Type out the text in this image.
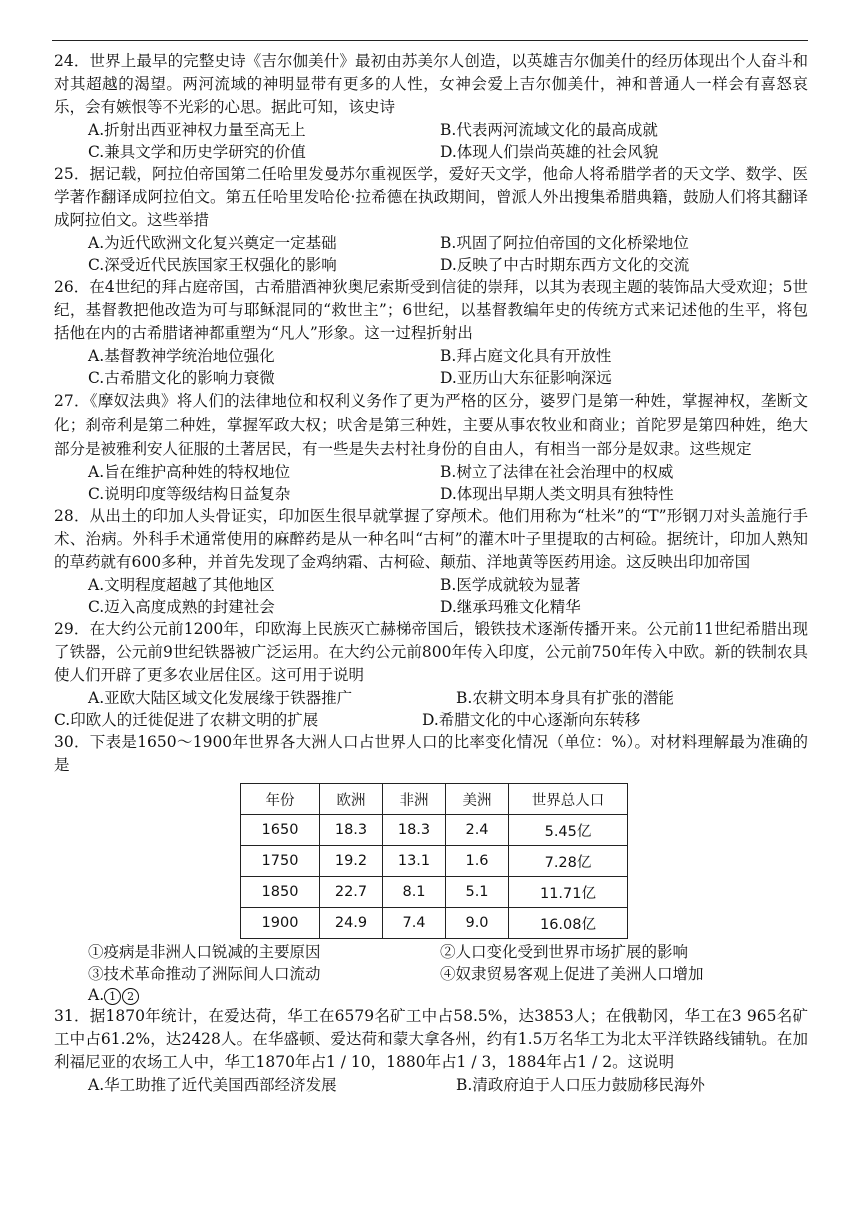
24．世界上最早的完整史诗《吉尔伽美什》最初由苏美尔人创造，以英雄吉尔伽美什的经历体现出个人奋斗和对其超越的渴望。两河流域的神明显带有更多的人性，女神会爱上吉尔伽美什，神和普通人一样会有喜怒哀乐，会有嫉恨等不光彩的心思。据此可知，该史诗

A.折射出西亚神权力量至高无上	B.代表两河流域文化的最高成就
C.兼具文学和历史学研究的价值	D.体现人们崇尚英雄的社会风貌

25．据记载，阿拉伯帝国第二任哈里发曼苏尔重视医学，爱好天文学，他命人将希腊学者的天文学、数学、医学著作翻译成阿拉伯文。第五任哈里发哈伦·拉希德在执政期间，曾派人外出搜集希腊典籍，鼓励人们将其翻译成阿拉伯文。这些举措

A.为近代欧洲文化复兴奠定一定基础	B.巩固了阿拉伯帝国的文化桥梁地位
C.深受近代民族国家王权强化的影响	D.反映了中古时期东西方文化的交流

26．在4世纪的拜占庭帝国，古希腊酒神狄奥尼索斯受到信徒的崇拜，以其为表现主题的装饰品大受欢迎；5世纪，基督教把他改造为可与耶稣混同的“救世主”；6世纪，以基督教编年史的传统方式来记述他的生平，将包括他在内的古希腊诸神都重塑为“凡人”形象。这一过程折射出

A.基督教神学统治地位强化	B.拜占庭文化具有开放性
C.古希腊文化的影响力衰微	D.亚历山大东征影响深远

27．《摩奴法典》将人们的法律地位和权利义务作了更为严格的区分，婆罗门是第一种姓，掌握神权，垄断文化；刹帝利是第二种姓，掌握军政大权；吠舍是第三种姓，主要从事农牧业和商业；首陀罗是第四种姓，绝大部分是被雅利安人征服的土著居民，有一些是失去村社身份的自由人，有相当一部分是奴隶。这些规定

A.旨在维护高种姓的特权地位	B.树立了法律在社会治理中的权威
C.说明印度等级结构日益复杂	D.体现出早期人类文明具有独特性

28．从出土的印加人头骨证实，印加医生很早就掌握了穿颅术。他们用称为“杜米”的“T”形钢刀对头盖施行手术、治病。外科手术通常使用的麻醉药是从一种名叫“古柯”的灌木叶子里提取的古柯硷。据统计，印加人熟知的草药就有600多种，并首先发现了金鸡纳霜、古柯硷、颠茄、洋地黄等医药用途。这反映出印加帝国

A.文明程度超越了其他地区	B.医学成就较为显著
C.迈入高度成熟的封建社会	D.继承玛雅文化精华

29．在大约公元前1200年，印欧海上民族灭亡赫梯帝国后，锻铁技术逐渐传播开来。公元前11世纪希腊出现了铁器，公元前9世纪铁器被广泛运用。在大约公元前800年传入印度，公元前750年传入中欧。新的铁制农具使人们开辟了更多农业居住区。这可用于说明

A.亚欧大陆区域文化发展缘于铁器推广	B.农耕文明本身具有扩张的潜能
C.印欧人的迁徙促进了农耕文明的扩展	D.希腊文化的中心逐渐向东转移

30．下表是1650～1900年世界各大洲人口占世界人口的比率变化情况（单位：%）。对材料理解最为准确的是

年份	欧洲	非洲	美洲	世界总人口
1650	18.3	18.3	2.4	5.45亿
1750	19.2	13.1	1.6	7.28亿
1850	22.7	8.1	5.1	11.71亿
1900	24.9	7.4	9.0	16.08亿
①疫病是非洲人口锐减的主要原因	②人口变化受到世界市场扩展的影响
③技术革命推动了洲际间人口流动	④奴隶贸易客观上促进了美洲人口增加
A. 1 2

31．据1870年统计，在爱达荷，华工在6579名矿工中占58.5%，达3853人；在俄勒冈，华工在3 965名矿工中占61.2%，达2428人。在华盛顿、爱达荷和蒙大拿各州，约有1.5万名华工为北太平洋铁路线铺轨。在加利福尼亚的农场工人中，华工1870年占1 / 10，1880年占1 / 3，1884年占1 / 2。这说明

A.华工助推了近代美国西部经济发展	B.清政府迫于人口压力鼓励移民海外
